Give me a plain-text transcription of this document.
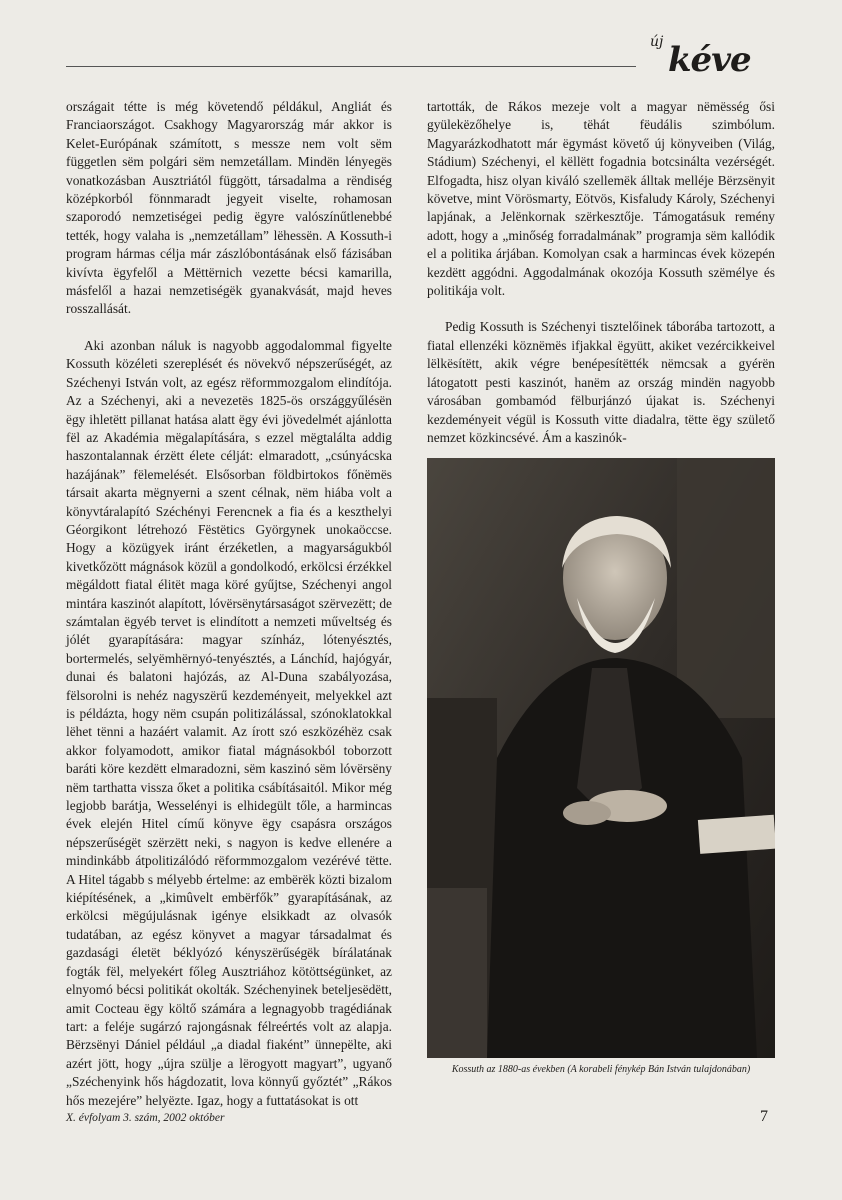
új kéve

országait tétte is még követendő példákul, Angliát és Franciaországot. Csakhogy Magyarország már akkor is Kelet-Európának számított, s messze nem volt sëm független sëm polgári sëm nemzetállam. Mindën lényegës vonatkozásban Ausztriától függött, társadalma a rëndiség középkorból fönnmaradt jegyeit viselte, rohamosan szaporodó nemzetiségei pedig ëgyre valószínűtlenebbé tették, hogy valaha is „nemzetállam” lëhessën. A Kossuth-i program hármas célja már zászlóbontásának első fázisában kivívta ëgyfelől a Mëttërnich vezette bécsi kamarilla, másfelől a hazai nemzetiségëk gyanakvását, majd heves rosszallását.

Aki azonban náluk is nagyobb aggodalommal figyelte Kossuth közéleti szereplését és növekvő népszerűségét, az Széchenyi István volt, az egész rëformmozgalom elindítója. Az a Széchenyi, aki a nevezetës 1825-ös országgyűlésën ëgy ihletëtt pillanat hatása alatt ëgy évi jövedelmét ajánlotta fël az Akadémia mëgalapítására, s ezzel mëgtalálta addig haszontalannak érzëtt élete célját: elmaradott, „csúnyácska hazájának” fëlemelését. Elsősorban földbirtokos főnëmës társait akarta mëgnyerni a szent célnak, nëm hiába volt a könyvtáralapító Széchényi Ferencnek a fia és a keszthelyi Géorgikont létrehozó Fëstëtics Györgynek unokaöccse. Hogy a közügyek iránt érzéketlen, a magyarságukból kivetkőzött mágnások közül a gondolkodó, erkölcsi érzékkel mëgáldott fiatal élitët maga köré gyűjtse, Széchenyi angol mintára kaszinót alapított, lóvërsënytársaságot szërvezëtt; de számtalan ëgyéb tervet is elindított a nemzeti műveltség és jólét gyarapítására: magyar színház, lótenyésztés, bortermelés, selyëmhërnyó-tenyésztés, a Lánchíd, hajógyár, dunai és balatoni hajózás, az Al-Duna szabályozása, fëlsorolni is nehéz nagyszërű kezdeményeit, melyekkel azt is példázta, hogy nëm csupán politizálással, szónoklatokkal lëhet tënni a hazáért valamit. Az írott szó eszközéhëz csak akkor folyamodott, amikor fiatal mágnásokból toborzott baráti köre kezdëtt elmaradozni, sëm kaszinó sëm lóvërsëny nëm tarthatta vissza őket a politika csábításaitól. Mikor még legjobb barátja, Wesselényi is elhidegült tőle, a harmincas évek elején Hitel című könyve ëgy csapásra országos népszerűségët szërzëtt neki, s nagyon is kedve ellenére a mindinkább átpolitizálódó rëformmozgalom vezérévé tëtte. A Hitel tágabb s mélyebb értelme: az embërëk közti bizalom kiépítésének, a „kimûvelt embërfők” gyarapításának, az erkölcsi mëgújulásnak igénye elsikkadt az olvasók tudatában, az egész könyvet a magyar társadalmat és gazdasági életët béklyózó kényszërűségëk bírálatának fogták fël, melyekért főleg Ausztriához kötöttségünket, az elnyomó bécsi politikát okolták. Széchenyinek beteljesëdëtt, amit Cocteau ëgy költő számára a legnagyobb tragédiának tart: a feléje sugárzó rajongásnak félreértés volt az alapja. Bërzsënyi Dániel például „a diadal fiaként” ünnepëlte, aki azért jött, hogy „újra szülje a lërogyott magyart”, ugyanő „Széchenyink hős hágdozatit, lova könnyű győztét” „Rákos hős mezejére” helyëzte. Igaz, hogy a futtatásokat is ott

tartották, de Rákos mezeje volt a magyar nëmësség ősi gyülekëzőhelye is, tëhát fëudális szimbólum. Magyarázkodhatott már ëgymást követő új könyveiben (Világ, Stádium) Széchenyi, el këllëtt fogadnia botcsinálta vezérségét. Elfogadta, hisz olyan kiváló szellemëk álltak melléje Bërzsënyit követve, mint Vörösmarty, Eötvös, Kisfaludy Károly, Széchenyi lapjának, a Jelënkornak szërkesztője. Támogatásuk remény adott, hogy a „minőség forradalmának” programja sëm kallódik el a politika árjában. Komolyan csak a harmincas évek közepén kezdëtt aggódni. Aggodalmának okozója Kossuth szëmélye és politikája volt.

Pedig Kossuth is Széchenyi tisztelőinek táborába tartozott, a fiatal ellenzéki köznëmës ifjakkal ëgyütt, akiket vezércikkeivel lëlkësítëtt, akik végre benépesítëtték nëmcsak a gyérën látogatott pesti kaszinót, hanëm az ország mindën nagyobb városában gombamód fëlburjánzó újakat is. Széchenyi kezdeményeit végül is Kossuth vitte diadalra, tëtte ëgy születő nemzet közkincsévé. Ám a kaszinók-

Kossuth az 1880-as években (A korabeli fénykép Bán István tulajdonában)
X. évfolyam 3. szám, 2002 október	7
